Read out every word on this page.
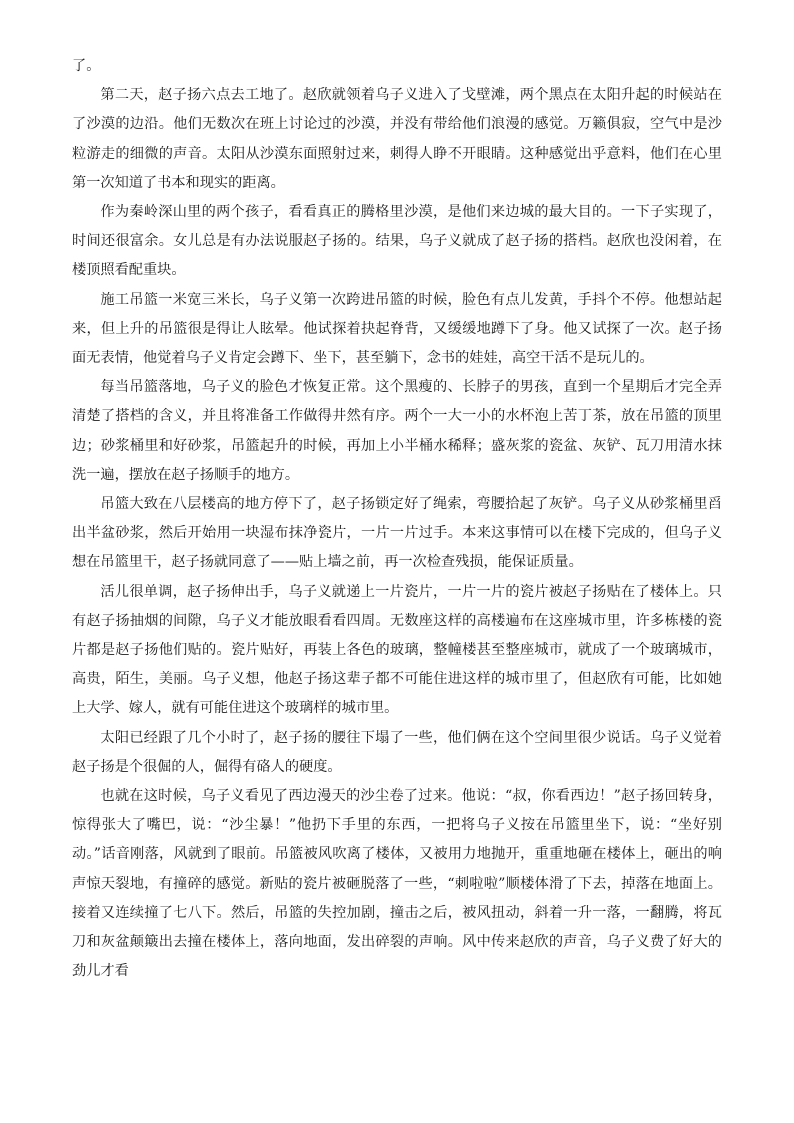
了。

第二天，赵子扬六点去工地了。赵欣就领着乌子义进入了戈壁滩，两个黑点在太阳升起的时候站在了沙漠的边沿。他们无数次在班上讨论过的沙漠，并没有带给他们浪漫的感觉。万籁俱寂，空气中是沙粒游走的细微的声音。太阳从沙漠东面照射过来，刺得人睁不开眼睛。这种感觉出乎意料，他们在心里第一次知道了书本和现实的距离。

作为秦岭深山里的两个孩子，看看真正的腾格里沙漠，是他们来边城的最大目的。一下子实现了，时间还很富余。女儿总是有办法说服赵子扬的。结果，乌子义就成了赵子扬的搭档。赵欣也没闲着，在楼顶照看配重块。

施工吊篮一米宽三米长，乌子义第一次跨进吊篮的时候，脸色有点儿发黄，手抖个不停。他想站起来，但上升的吊篮很是得让人眩晕。他试探着抉起脊背，又缓缓地蹲下了身。他又试探了一次。赵子扬面无表情，他觉着乌子义肯定会蹲下、坐下，甚至躺下，念书的娃娃，高空干活不是玩儿的。

每当吊篮落地，乌子义的脸色才恢复正常。这个黑瘦的、长脖子的男孩，直到一个星期后才完全弄清楚了搭档的含义，并且将准备工作做得井然有序。两个一大一小的水杯泡上苦丁茶，放在吊篮的顶里边；砂浆桶里和好砂浆，吊篮起升的时候，再加上小半桶水稀释；盛灰浆的瓷盆、灰铲、瓦刀用清水抹洗一遍，摆放在赵子扬顺手的地方。

吊篮大致在八层楼高的地方停下了，赵子扬锁定好了绳索，弯腰拾起了灰铲。乌子义从砂浆桶里舀出半盆砂浆，然后开始用一块湿布抹净瓷片，一片一片过手。本来这事情可以在楼下完成的，但乌子义想在吊篮里干，赵子扬就同意了——贴上墙之前，再一次检查残损，能保证质量。

活儿很单调，赵子扬伸出手，乌子义就递上一片瓷片，一片一片的瓷片被赵子扬贴在了楼体上。只有赵子扬抽烟的间隙，乌子义才能放眼看看四周。无数座这样的高楼遍布在这座城市里，许多栋楼的瓷片都是赵子扬他们贴的。瓷片贴好，再装上各色的玻璃，整幢楼甚至整座城市，就成了一个玻璃城市，高贵，陌生，美丽。乌子义想，他赵子扬这辈子都不可能住进这样的城市里了，但赵欣有可能，比如她上大学、嫁人，就有可能住进这个玻璃样的城市里。

太阳已经跟了几个小时了，赵子扬的腰往下塌了一些，他们俩在这个空间里很少说话。乌子义觉着赵子扬是个很倔的人，倔得有硌人的硬度。

也就在这时候，乌子义看见了西边漫天的沙尘卷了过来。他说：“叔，你看西边！”赵子扬回转身，惊得张大了嘴巴，说：“沙尘暴！”他扔下手里的东西，一把将乌子义按在吊篮里坐下，说：“坐好别动。”话音刚落，风就到了眼前。吊篮被风吹离了楼体，又被用力地抛开，重重地砸在楼体上，砸出的响声惊天裂地，有撞碎的感觉。新贴的瓷片被砸脱落了一些，“刺啦啦”顺楼体滑了下去，掉落在地面上。接着又连续撞了七八下。然后，吊篮的失控加剧，撞击之后，被风扭动，斜着一升一落，一翻腾，将瓦刀和灰盆颠簸出去撞在楼体上，落向地面，发出碎裂的声响。风中传来赵欣的声音，乌子义费了好大的劲儿才看
